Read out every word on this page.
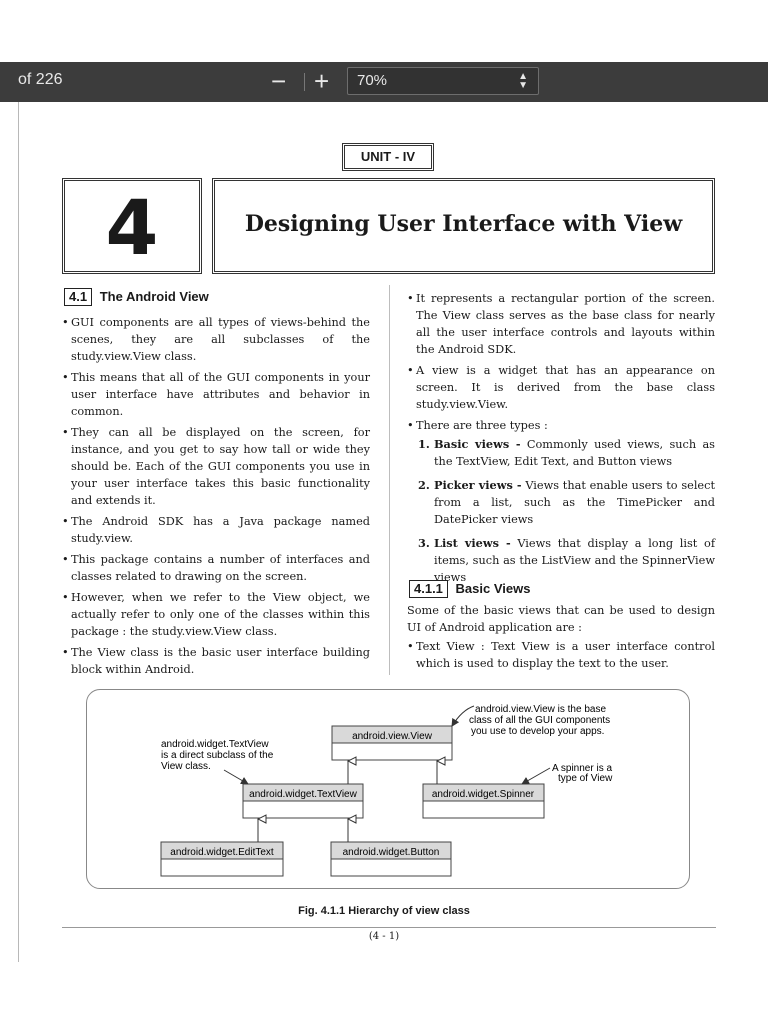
of 226	− + 70%	▲
▼
UNIT - IV
4	Designing User Interface with View
4.1 The Android View
• GUI components are all types of views-behind the scenes, they are all subclasses of the study.view.View class.
• This means that all of the GUI components in your user interface have attributes and behavior in common.
• They can all be displayed on the screen, for instance, and you get to say how tall or wide they should be. Each of the GUI components you use in your user interface takes this basic functionality and extends it.
• The Android SDK has a Java package named study.view.
• This package contains a number of interfaces and classes related to drawing on the screen.
• However, when we refer to the View object, we actually refer to only one of the classes within this package : the study.view.View class.
• The View class is the basic user interface building block within Android.
• It represents a rectangular portion of the screen. The View class serves as the base class for nearly all the user interface controls and layouts within the Android SDK.
• A view is a widget that has an appearance on screen. It is derived from the base class study.view.View.
• There are three types :
1. Basic views - Commonly used views, such as the TextView, Edit Text, and Button views
2. Picker views - Views that enable users to select from a list, such as the TimePicker and DatePicker views
3. List views - Views that display a long list of items, such as the ListView and the SpinnerView views
4.1.1 Basic Views
Some of the basic views that can be used to design UI of Android application are :
• Text View : Text View is a user interface control which is used to display the text to the user.
android.view.View
android.widget.TextView	android.widget.Spinner
android.widget.EditText	android.widget.Button
android.view.View is the base
class of all the GUI components
you use to develop your apps.
android.widget.TextView
is a direct subclass of the
View class.	A spinner is a
type of View
Fig. 4.1.1 Hierarchy of view class
(4 - 1)
